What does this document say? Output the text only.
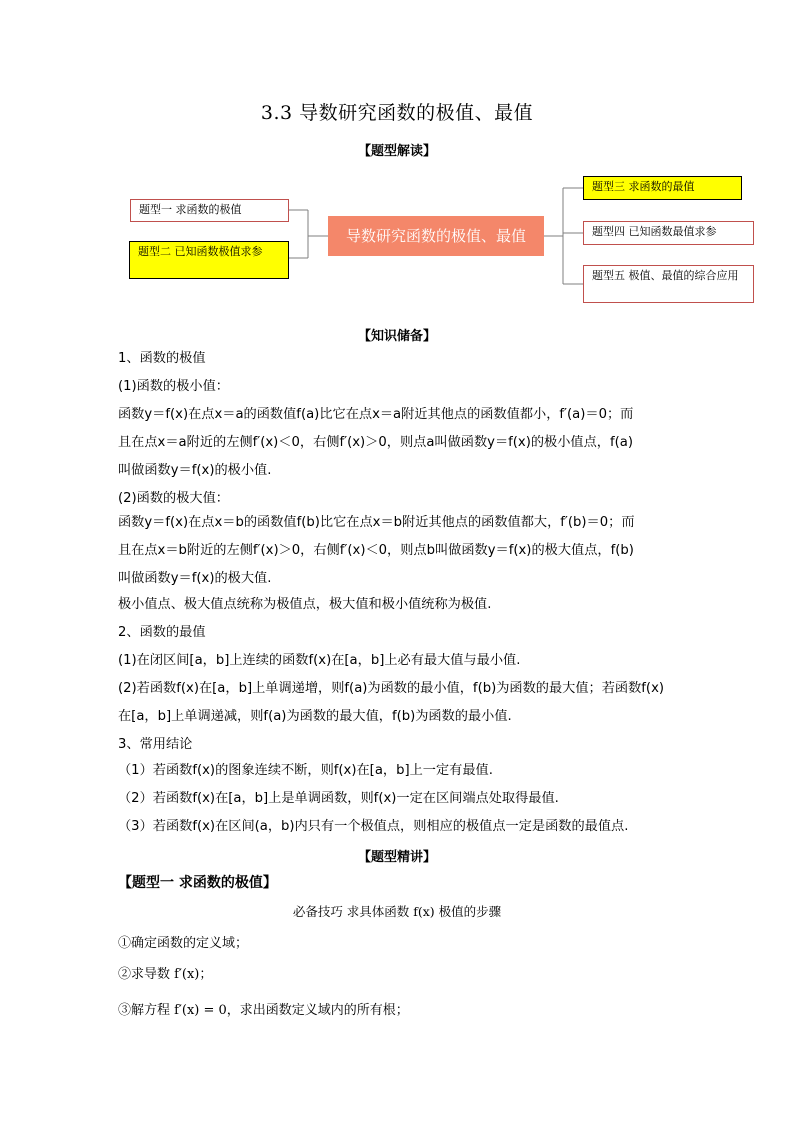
3.3 导数研究函数的极值、最值
【题型解读】
题型一 求函数的极值
题型二 已知函数极值求参
导数研究函数的极值、最值
题型三 求函数的最值
题型四 已知函数最值求参
题型五 极值、最值的综合应用
【知识储备】
1、函数的极值
(1)函数的极小值：
函数y＝f(x)在点x＝a的函数值f(a)比它在点x＝a附近其他点的函数值都小，f′(a)＝0；而
且在点x＝a附近的左侧f′(x)＜0，右侧f′(x)＞0，则点a叫做函数y＝f(x)的极小值点，f(a)
叫做函数y＝f(x)的极小值.
(2)函数的极大值：
函数y＝f(x)在点x＝b的函数值f(b)比它在点x＝b附近其他点的函数值都大，f′(b)＝0；而
且在点x＝b附近的左侧f′(x)＞0，右侧f′(x)＜0，则点b叫做函数y＝f(x)的极大值点，f(b)
叫做函数y＝f(x)的极大值.
极小值点、极大值点统称为极值点，极大值和极小值统称为极值.
2、函数的最值
(1)在闭区间[a，b]上连续的函数f(x)在[a，b]上必有最大值与最小值.
(2)若函数f(x)在[a，b]上单调递增，则f(a)为函数的最小值，f(b)为函数的最大值；若函数f(x)
在[a，b]上单调递减，则f(a)为函数的最大值，f(b)为函数的最小值.
3、常用结论
（1）若函数f(x)的图象连续不断，则f(x)在[a，b]上一定有最值.
（2）若函数f(x)在[a，b]上是单调函数，则f(x)一定在区间端点处取得最值.
（3）若函数f(x)在区间(a，b)内只有一个极值点，则相应的极值点一定是函数的最值点.
【题型精讲】
【题型一 求函数的极值】
必备技巧 求具体函数 f(x) 极值的步骤
①确定函数的定义域；
②求导数 f′(x)；
③解方程 f′(x) = 0，求出函数定义域内的所有根；
